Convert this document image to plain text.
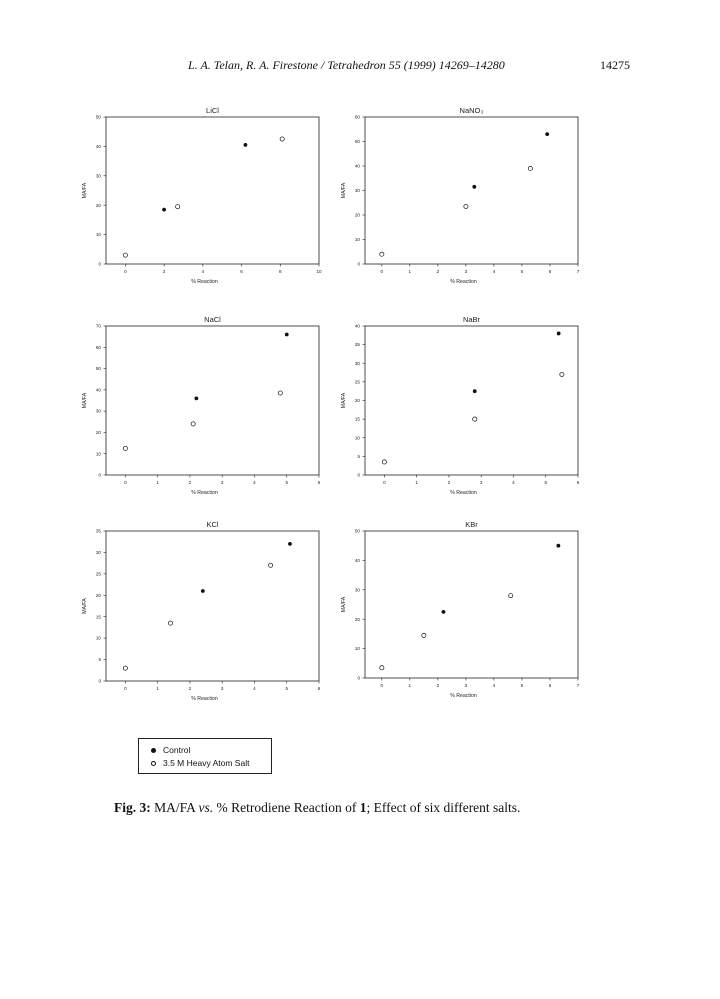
L. A. Telan, R. A. Firestone / Tetrahedron 55 (1999) 14269–14280	14275
LiCl
0	2	4	6	8	10
0
10
20
30
40
50
% Reaction
MA/FA
NaNO₃
0	1	2	3	4	5	6	7
0
10
20
30
40
50
60
% Reaction
MA/FA
NaCl
0	1	2	3	4	5	6
0
10
20
30
40
50
60
70
% Reaction
MA/FA
NaBr
0	1	2	3	4	5	6
0
5
10
15
20
25
30
35
40
% Reaction
MA/FA
KCl
0	1	2	3	4	5	6
0
5
10
15
20
25
30
35
% Reaction
MA/FA
KBr
0	1	2	3	4	5	6	7
0
10
20
30
40
50
% Reaction
MA/FA
Control
3.5 M Heavy Atom Salt
Fig. 3: MA/FA vs. % Retrodiene Reaction of 1; Effect of six different salts.
